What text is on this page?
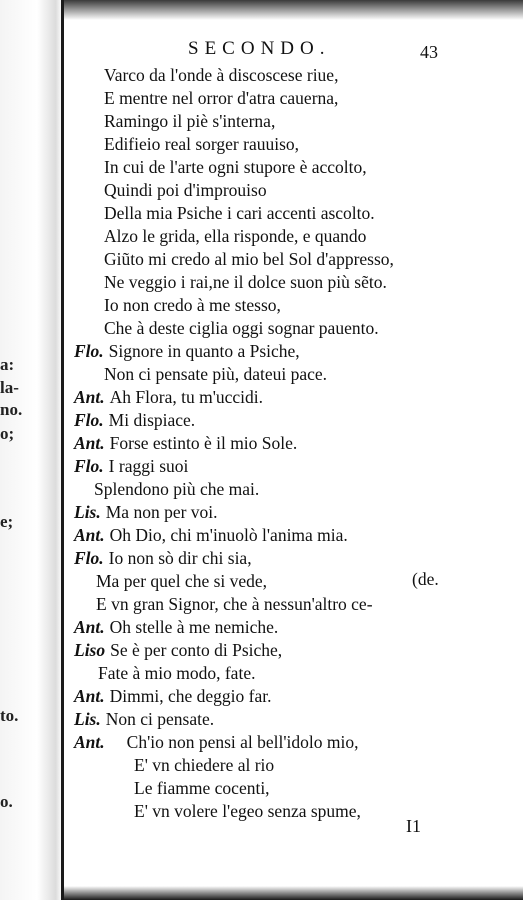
a:
la-
no.
o;
e;
to.
o.
SECONDO.	43
Varco da l'onde à discoscese riue,
E mentre nel orror d'atra cauerna,
Ramingo il piè s'interna,
Edifieio real sorger rauuiso,
In cui de l'arte ogni stupore è accolto,
Quindi poi d'improuiso
Della mia Psiche i cari accenti ascolto.
Alzo le grida, ella risponde, e quando
Giũto mi credo al mio bel Sol d'appresso,
Ne veggio i rai,ne il dolce suon più sẽto.
Io non credo à me stesso,
Che à deste ciglia oggi sognar pauento.
Flo. Signore in quanto a Psiche,
Non ci pensate più, dateui pace.
Ant. Ah Flora, tu m'uccidi.
Flo. Mi dispiace.
Ant. Forse estinto è il mio Sole.
Flo. I raggi suoi
Splendono più che mai.
Lis. Ma non per voi.
Ant. Oh Dio, chi m'inuolò l'anima mia.
Flo. Io non sò dir chi sia,
Ma per quel che si vede,	(de.
E vn gran Signor, che à nessun'altro ce-
Ant. Oh stelle à me nemiche.
Liso Se è per conto di Psiche,
Fate à mio modo, fate.
Ant. Dimmi, che deggio far.
Lis. Non ci pensate.
Ant. Ch'io non pensi al bell'idolo mio,
E' vn chiedere al rio
Le fiamme cocenti,
E' vn volere l'egeo senza spume,
I1
